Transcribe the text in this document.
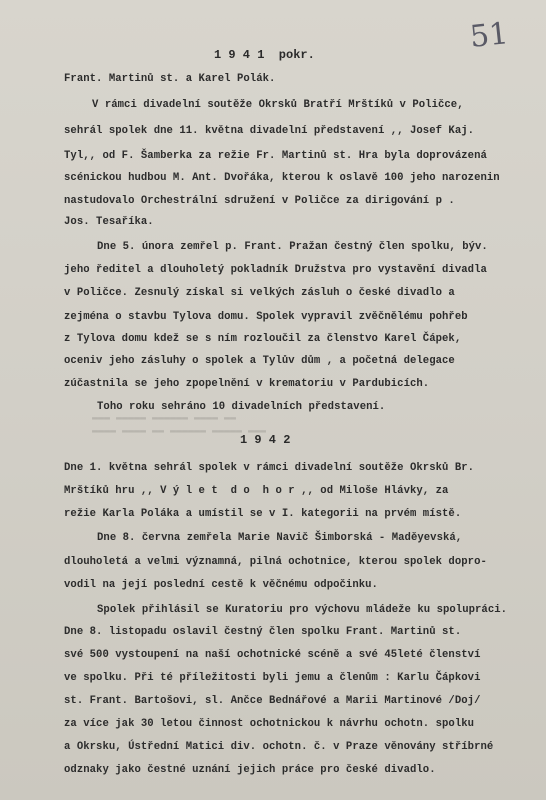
51
1 9 4 1  pokr.
Frant. Martinů st. a Karel Polák.
V rámci divadelní soutěže Okrsků Bratří Mrštíků v Poličce,
sehrál spolek dne 11. května divadelní představení ,, Josef Kaj.
Tyl,, od F. Šamberka za režie Fr. Martinů st. Hra byla doprovázená
scénickou hudbou M. Ant. Dvořáka, kterou k oslavě 100 jeho narozenin
nastudovalo Orchestrální sdružení v Poličce za dirigování p .
Jos. Tesaříka.
Dne 5. února zemřel p. Frant. Pražan čestný člen spolku, býv.
jeho ředitel a dlouholetý pokladník Družstva pro vystavění divadla
v Poličce. Zesnulý získal si velkých zásluh o české divadlo a
zejména o stavbu Tylova domu. Spolek vypravil zvěčnělému pohřeb
z Tylova domu kdež se s ním rozloučil za členstvo Karel Čápek,
oceniv jeho zásluhy o spolek a Tylův dům , a početná delegace
zúčastnila se jeho zpopelnění v krematoriu v Pardubicích.
Toho roku sehráno 10 divadelních představení.
▬▬▬ ▬▬▬▬▬ ▬▬▬▬▬▬ ▬▬▬▬ ▬▬
▬▬▬▬ ▬▬▬▬ ▬▬ ▬▬▬▬▬▬ ▬▬▬▬▬ ▬▬▬
1 9 4 2
Dne 1. května sehrál spolek v rámci divadelní soutěže Okrsků Br.
Mrštíků hru ,, V ý l e t  d o  h o r ,, od Miloše Hlávky, za
režie Karla Poláka a umístil se v I. kategorii na prvém místě.
Dne 8. června zemřela Marie Navič Šimborská - Maděyevská,
dlouholetá a velmi významná, pilná ochotnice, kterou spolek dopro-
vodil na její poslední cestě k věčnému odpočinku.
Spolek přihlásil se Kuratoriu pro výchovu mládeže ku spolupráci.
Dne 8. listopadu oslavil čestný člen spolku Frant. Martinů st.
své 500 vystoupení na naší ochotnické scéně a své 45leté členství
ve spolku. Při té příležitosti byli jemu a členům : Karlu Čápkovi
st. Frant. Bartošovi, sl. Ančce Bednářové a Marii Martinové /Doj/
za více jak 30 letou činnost ochotnickou k návrhu ochotn. spolku
a Okrsku, Ústřední Matici div. ochotn. č. v Praze věnovány stříbrné
odznaky jako čestné uznání jejich práce pro české divadlo.
